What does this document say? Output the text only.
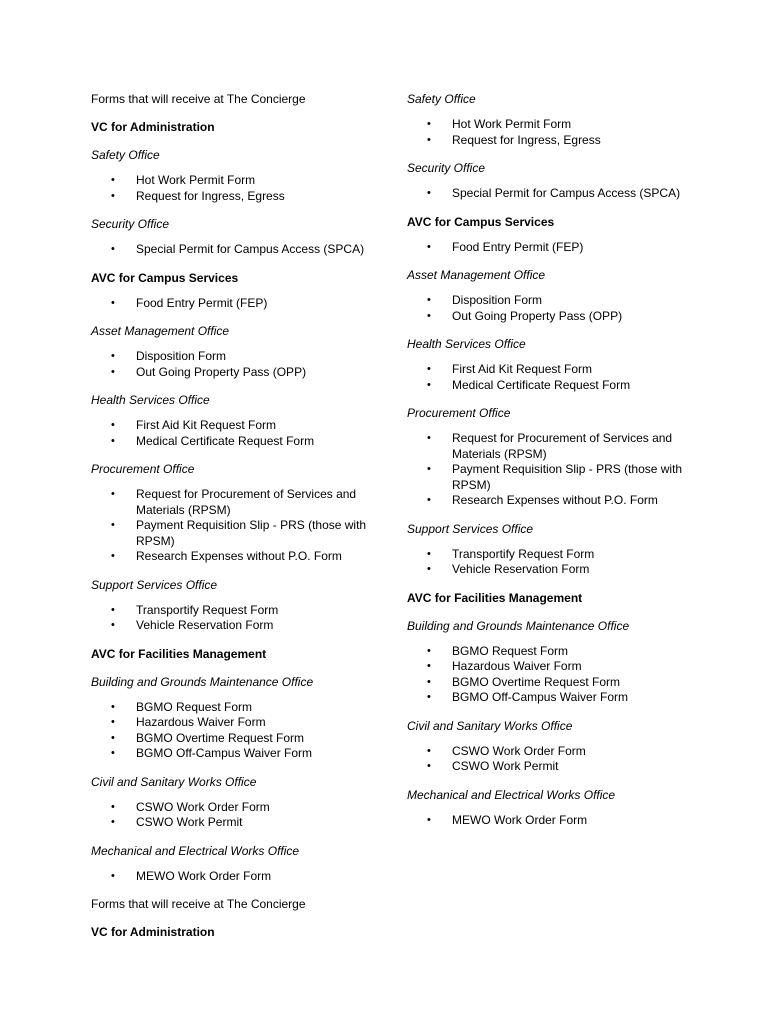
Forms that will receive at The Concierge

VC for Administration

Safety Office

• Hot Work Permit Form
• Request for Ingress, Egress

Security Office

• Special Permit for Campus Access (SPCA)

AVC for Campus Services

• Food Entry Permit (FEP)

Asset Management Office

• Disposition Form
• Out Going Property Pass (OPP)

Health Services Office

• First Aid Kit Request Form
• Medical Certificate Request Form

Procurement Office

• Request for Procurement of Services and Materials (RPSM)
• Payment Requisition Slip - PRS (those with RPSM)
• Research Expenses without P.O. Form

Support Services Office

• Transportify Request Form
• Vehicle Reservation Form

AVC for Facilities Management

Building and Grounds Maintenance Office

• BGMO Request Form
• Hazardous Waiver Form
• BGMO Overtime Request Form
• BGMO Off-Campus Waiver Form

Civil and Sanitary Works Office

• CSWO Work Order Form
• CSWO Work Permit

Mechanical and Electrical Works Office

• MEWO Work Order Form

Forms that will receive at The Concierge

VC for Administration

Safety Office

• Hot Work Permit Form
• Request for Ingress, Egress

Security Office

• Special Permit for Campus Access (SPCA)

AVC for Campus Services

• Food Entry Permit (FEP)

Asset Management Office

• Disposition Form
• Out Going Property Pass (OPP)

Health Services Office

• First Aid Kit Request Form
• Medical Certificate Request Form

Procurement Office

• Request for Procurement of Services and Materials (RPSM)
• Payment Requisition Slip - PRS (those with RPSM)
• Research Expenses without P.O. Form

Support Services Office

• Transportify Request Form
• Vehicle Reservation Form

AVC for Facilities Management

Building and Grounds Maintenance Office

• BGMO Request Form
• Hazardous Waiver Form
• BGMO Overtime Request Form
• BGMO Off-Campus Waiver Form

Civil and Sanitary Works Office

• CSWO Work Order Form
• CSWO Work Permit

Mechanical and Electrical Works Office

• MEWO Work Order Form
